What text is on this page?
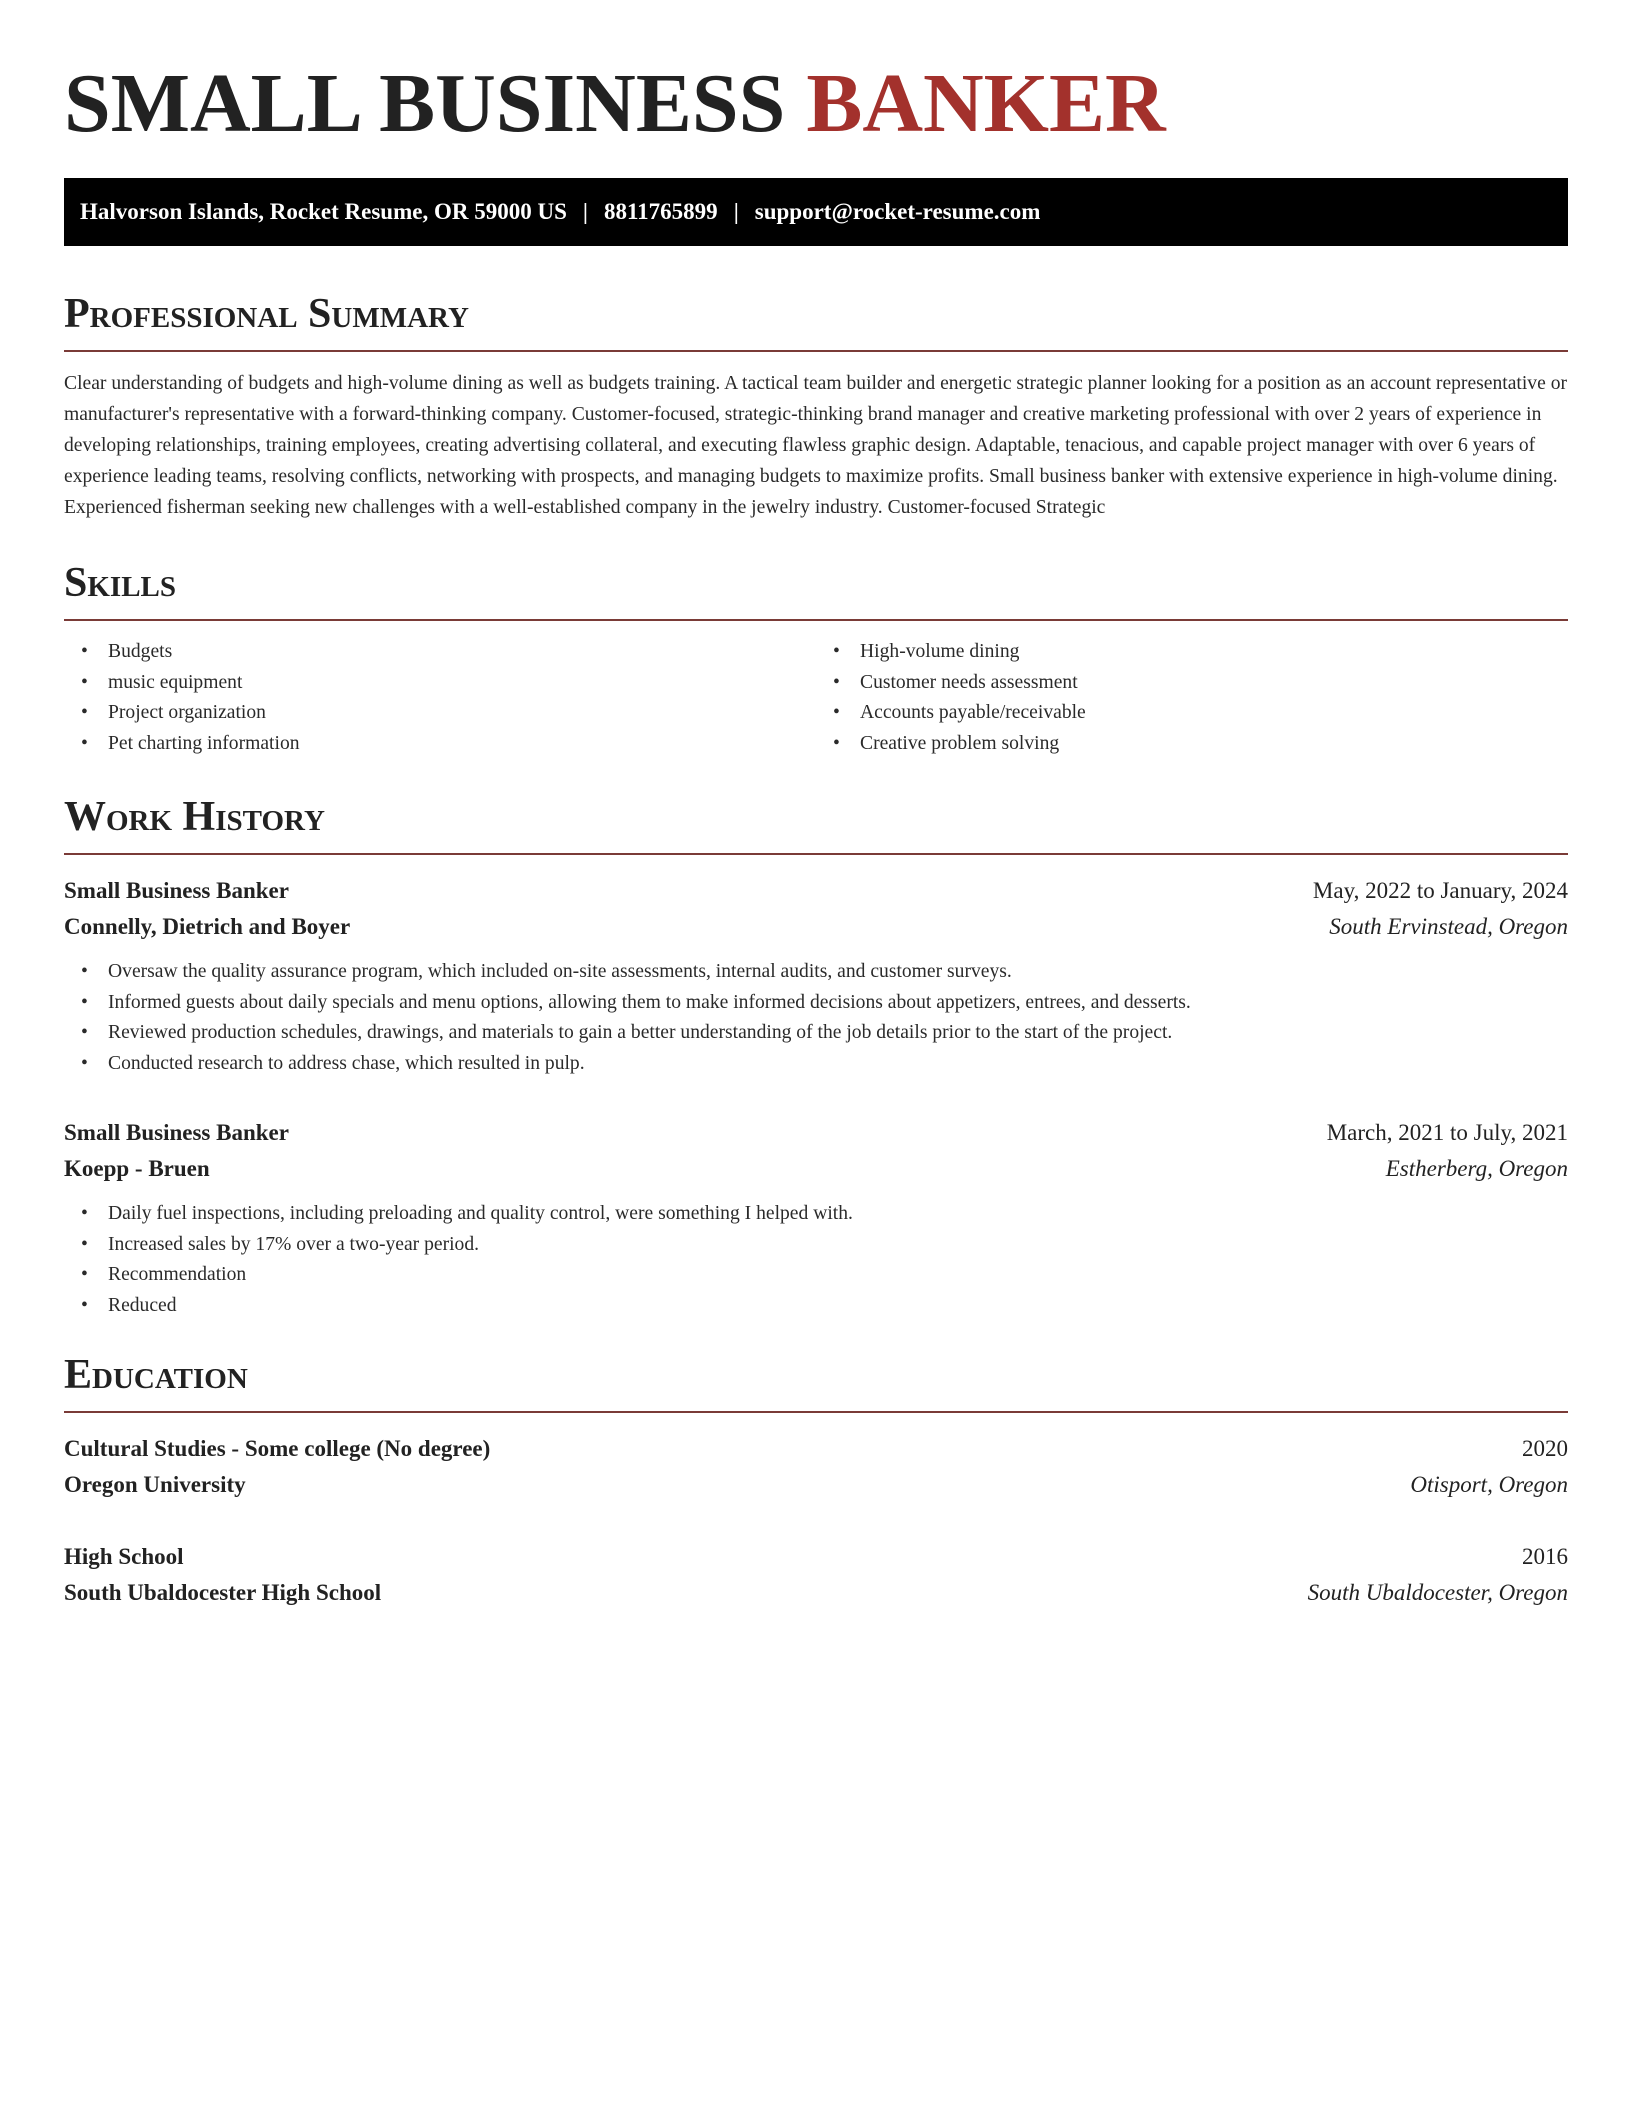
SMALL BUSINESS BANKER
Halvorson Islands, Rocket Resume, OR 59000 US | 8811765899 | support@rocket-resume.com
Professional Summary

Clear understanding of budgets and high-volume dining as well as budgets training. A tactical team builder and energetic strategic planner looking for a position as an account representative or manufacturer's representative with a forward-thinking company. Customer-focused, strategic-thinking brand manager and creative marketing professional with over 2 years of experience in developing relationships, training employees, creating advertising collateral, and executing flawless graphic design. Adaptable, tenacious, and capable project manager with over 6 years of experience leading teams, resolving conflicts, networking with prospects, and managing budgets to maximize profits. Small business banker with extensive experience in high-volume dining. Experienced fisherman seeking new challenges with a well-established company in the jewelry industry. Customer-focused Strategic

Skills
• Budgets
• music equipment
• Project organization
• Pet charting information
• High-volume dining
• Customer needs assessment
• Accounts payable/receivable
• Creative problem solving
Work History
Small Business Banker	May, 2022 to January, 2024
Connelly, Dietrich and Boyer	South Ervinstead, Oregon
• Oversaw the quality assurance program, which included on-site assessments, internal audits, and customer surveys.
• Informed guests about daily specials and menu options, allowing them to make informed decisions about appetizers, entrees, and desserts.
• Reviewed production schedules, drawings, and materials to gain a better understanding of the job details prior to the start of the project.
• Conducted research to address chase, which resulted in pulp.
Small Business Banker	March, 2021 to July, 2021
Koepp - Bruen	Estherberg, Oregon
• Daily fuel inspections, including preloading and quality control, were something I helped with.
• Increased sales by 17% over a two-year period.
• Recommendation
• Reduced
Education
Cultural Studies - Some college (No degree)	2020
Oregon University	Otisport, Oregon
High School	2016
South Ubaldocester High School	South Ubaldocester, Oregon
